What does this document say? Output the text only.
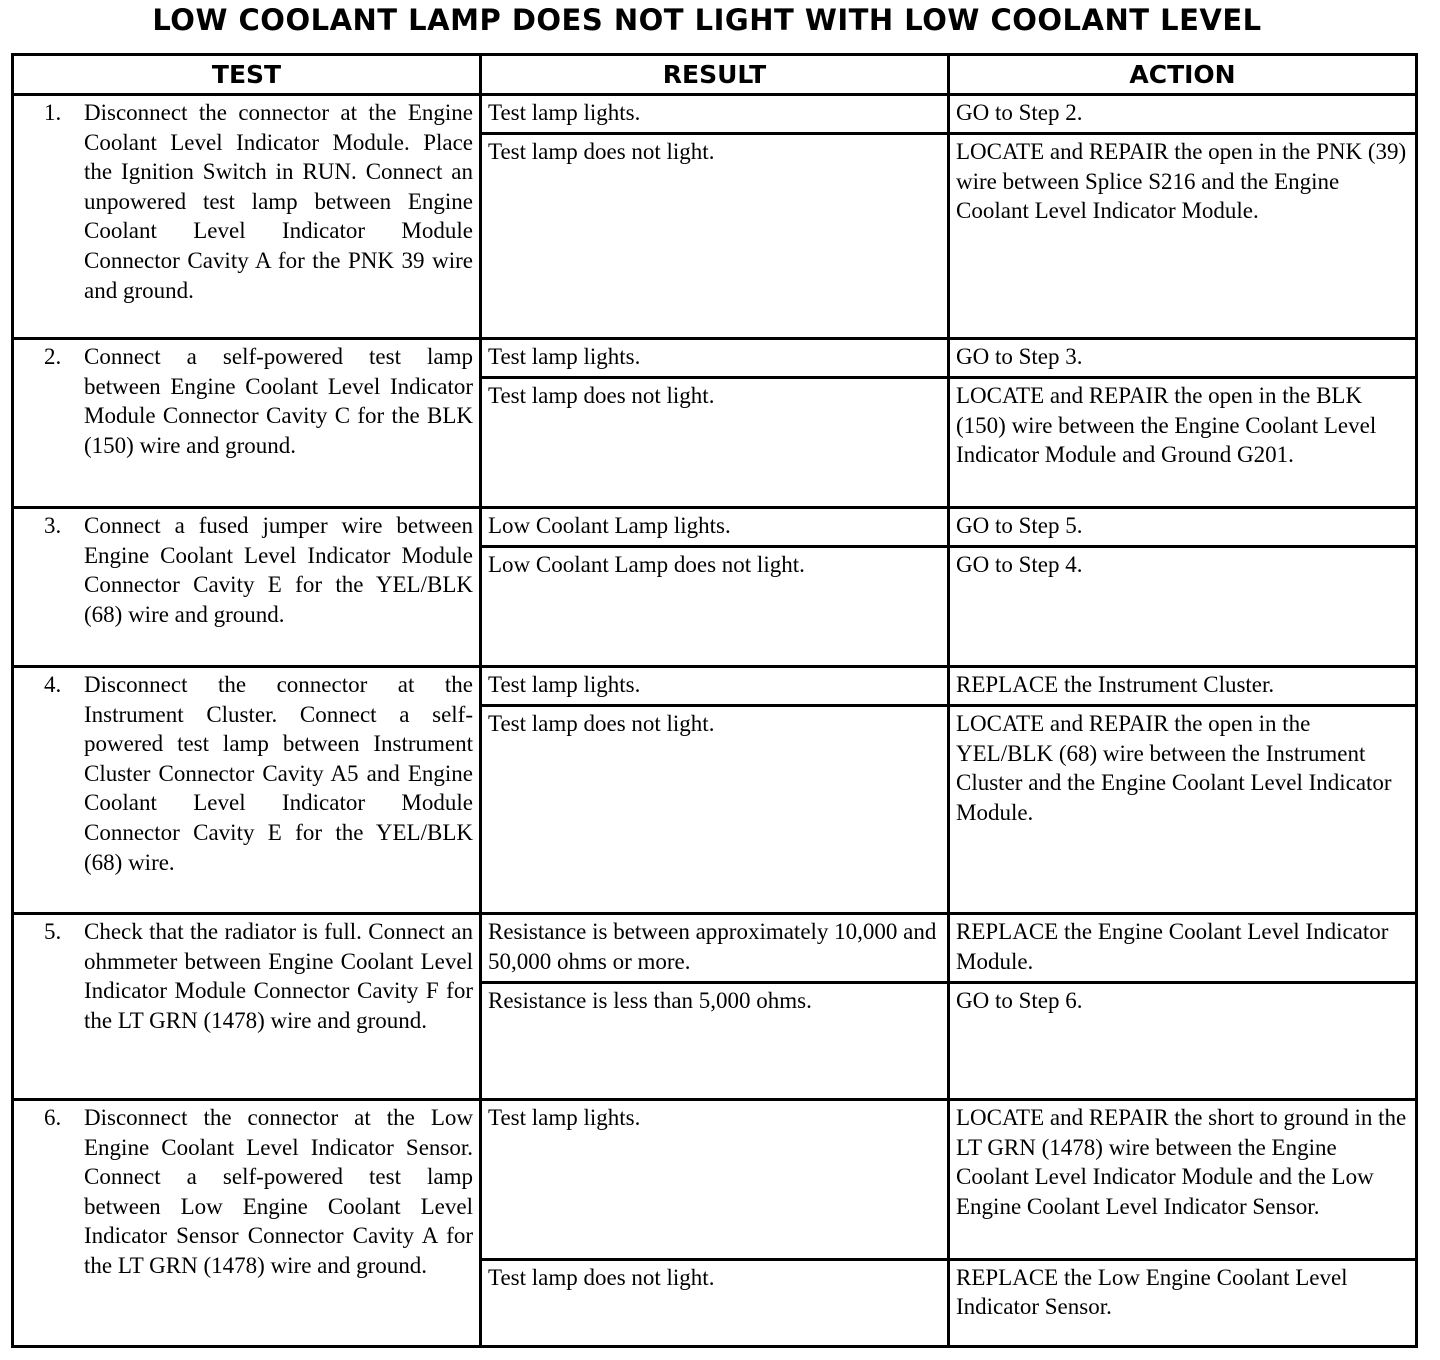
LOW COOLANT LAMP DOES NOT LIGHT WITH LOW COOLANT LEVEL
TEST	RESULT	ACTION

1. Disconnect the connector at the Engine Coolant Level Indicator Module. Place the Ignition Switch in RUN. Connect an unpowered test lamp between Engine Coolant Level Indicator Module Connector Cavity A for the PNK 39 wire and ground.	Test lamp lights.	GO to Step 2.
	Test lamp does not light.	LOCATE and REPAIR the open in the PNK (39) wire between Splice S216 and the Engine Coolant Level Indicator Module.

2. Connect a self-powered test lamp between Engine Coolant Level Indicator Module Connector Cavity C for the BLK (150) wire and ground.	Test lamp lights.	GO to Step 3.
	Test lamp does not light.	LOCATE and REPAIR the open in the BLK (150) wire between the Engine Coolant Level Indicator Module and Ground G201.

3. Connect a fused jumper wire between Engine Coolant Level Indicator Module Connector Cavity E for the YEL/BLK (68) wire and ground.	Low Coolant Lamp lights.	GO to Step 5.
	Low Coolant Lamp does not light.	GO to Step 4.

4. Disconnect the connector at the Instrument Cluster. Connect a self-powered test lamp between Instrument Cluster Connector Cavity A5 and Engine Coolant Level Indicator Module Connector Cavity E for the YEL/BLK (68) wire.	Test lamp lights.	REPLACE the Instrument Cluster.
	Test lamp does not light.	LOCATE and REPAIR the open in the YEL/BLK (68) wire between the Instrument Cluster and the Engine Coolant Level Indicator Module.

5. Check that the radiator is full. Connect an ohmmeter between Engine Coolant Level Indicator Module Connector Cavity F for the LT GRN (1478) wire and ground.	Resistance is between approximately 10,000 and 50,000 ohms or more.	REPLACE the Engine Coolant Level Indicator Module.
	Resistance is less than 5,000 ohms.	GO to Step 6.

6. Disconnect the connector at the Low Engine Coolant Level Indicator Sensor. Connect a self-powered test lamp between Low Engine Coolant Level Indicator Sensor Connector Cavity A for the LT GRN (1478) wire and ground.	Test lamp lights.	LOCATE and REPAIR the short to ground in the LT GRN (1478) wire between the Engine Coolant Level Indicator Module and the Low Engine Coolant Level Indicator Sensor.
	Test lamp does not light.	REPLACE the Low Engine Coolant Level Indicator Sensor.
